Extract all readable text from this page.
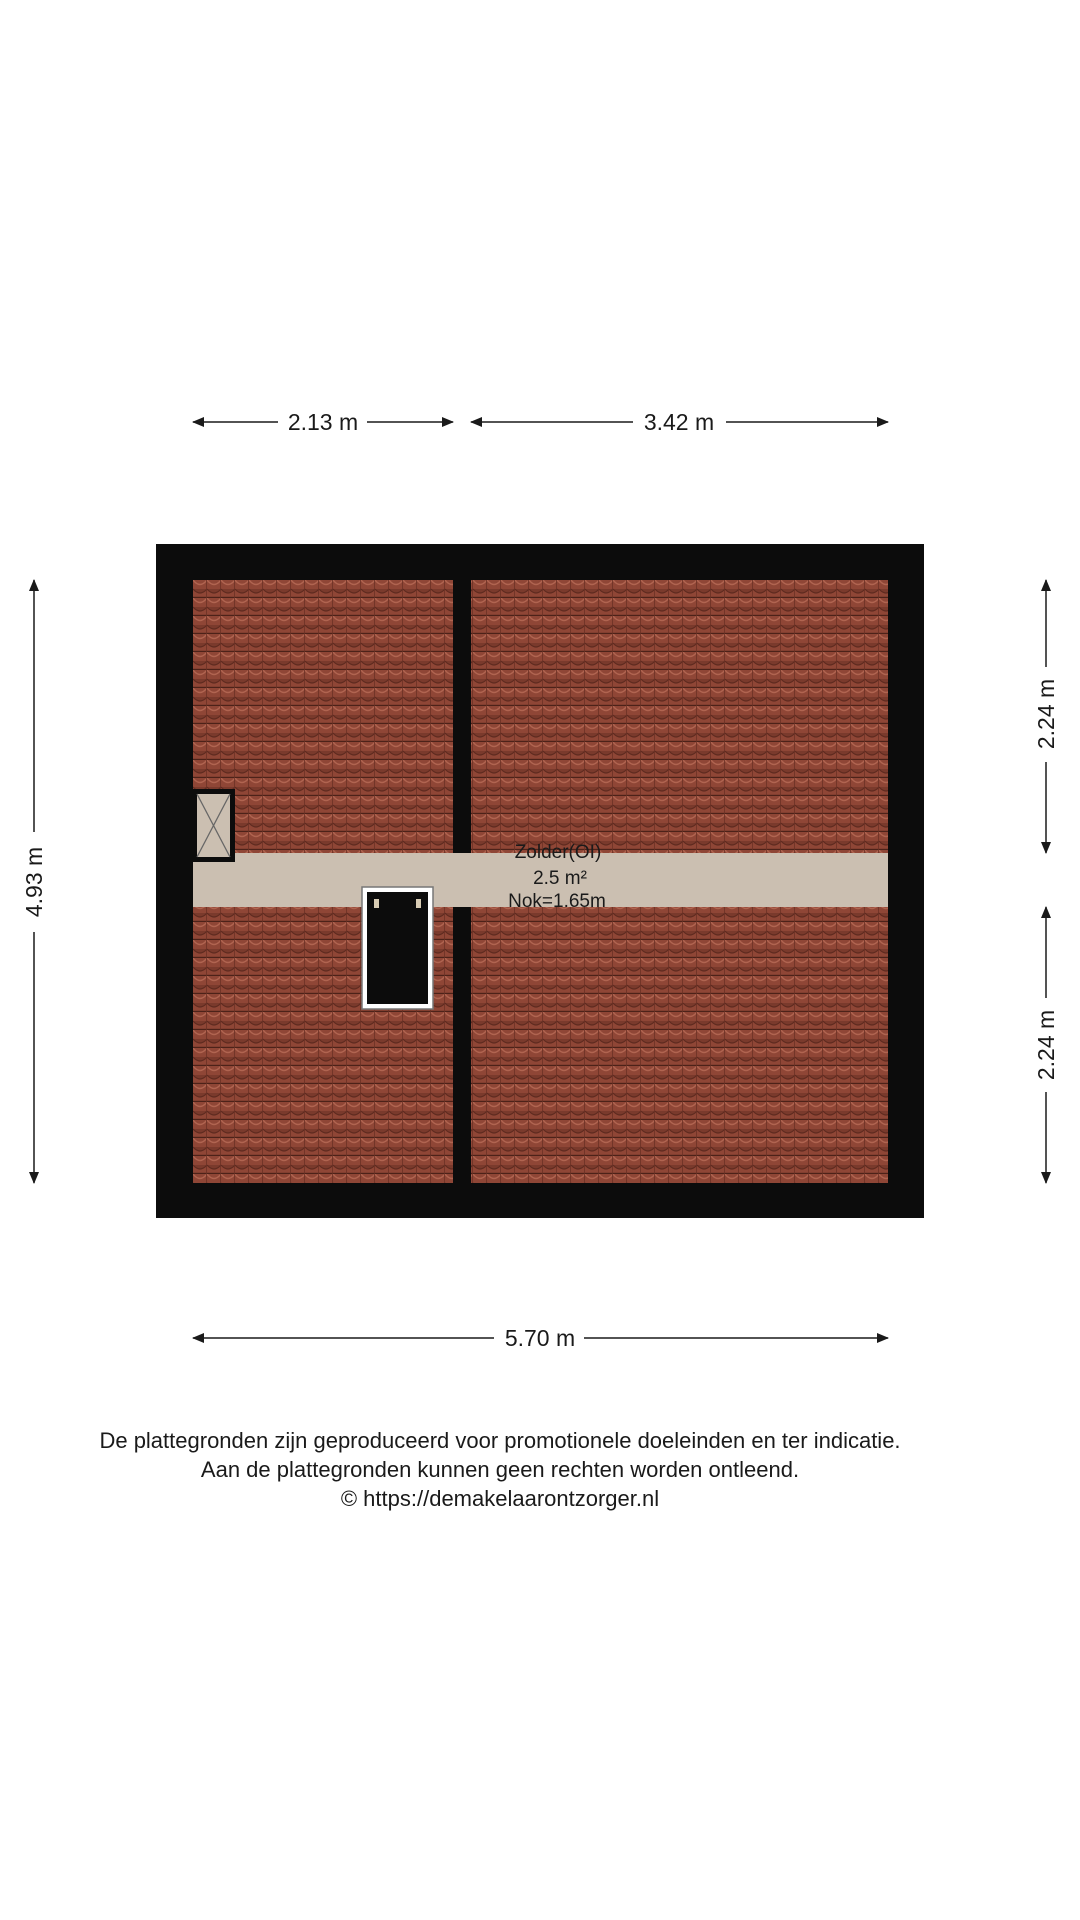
Zolder(OI)
2.5 m²
Nok=1.65m
2.13 m	3.42 m
5.70 m
4.93 m
2.24 m
2.24 m
De plattegronden zijn geproduceerd voor promotionele doeleinden en ter indicatie.
Aan de plattegronden kunnen geen rechten worden ontleend.
© https://demakelaarontzorger.nl
